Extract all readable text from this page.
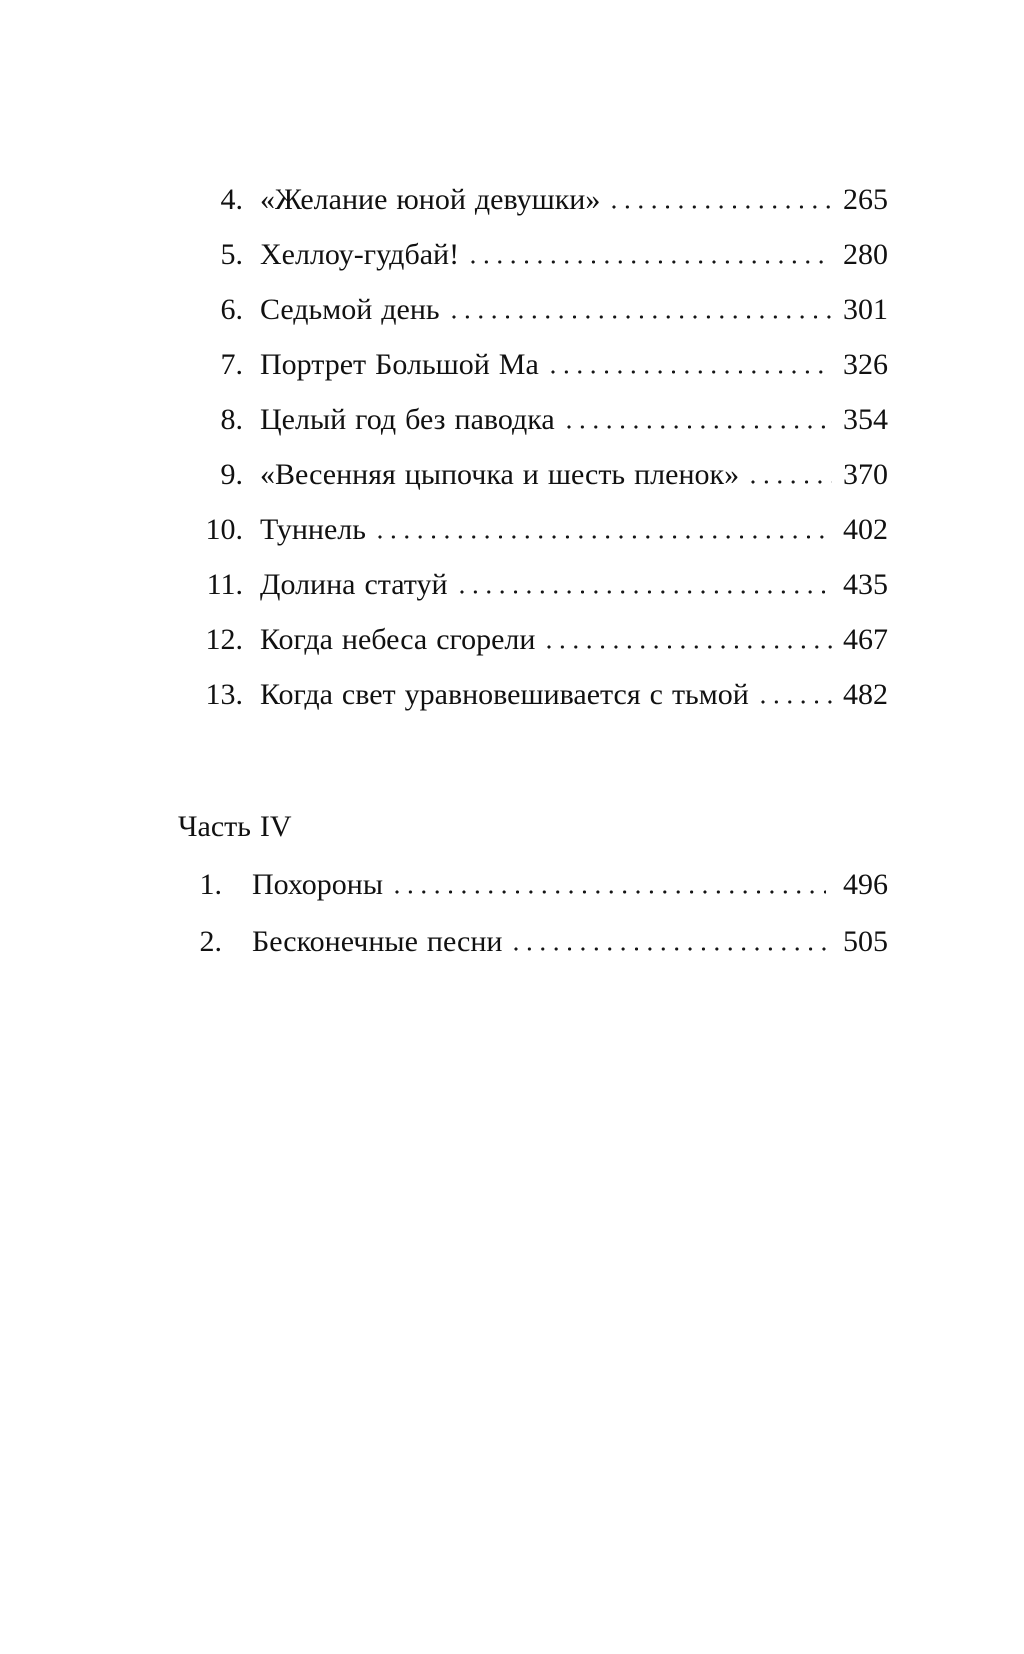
4. «Желание юной девушки»	265
5. Хеллоу-гудбай!	280
6. Седьмой день	301
7. Портрет Большой Ма	326
8. Целый год без паводка	354
9. «Весенняя цыпочка и шесть пленок»	370
10. Туннель	402
11. Долина статуй	435
12. Когда небеса сгорели	467
13. Когда свет уравновешивается с тьмой	482
Часть IV
1. Похороны	496
2. Бесконечные песни	505
